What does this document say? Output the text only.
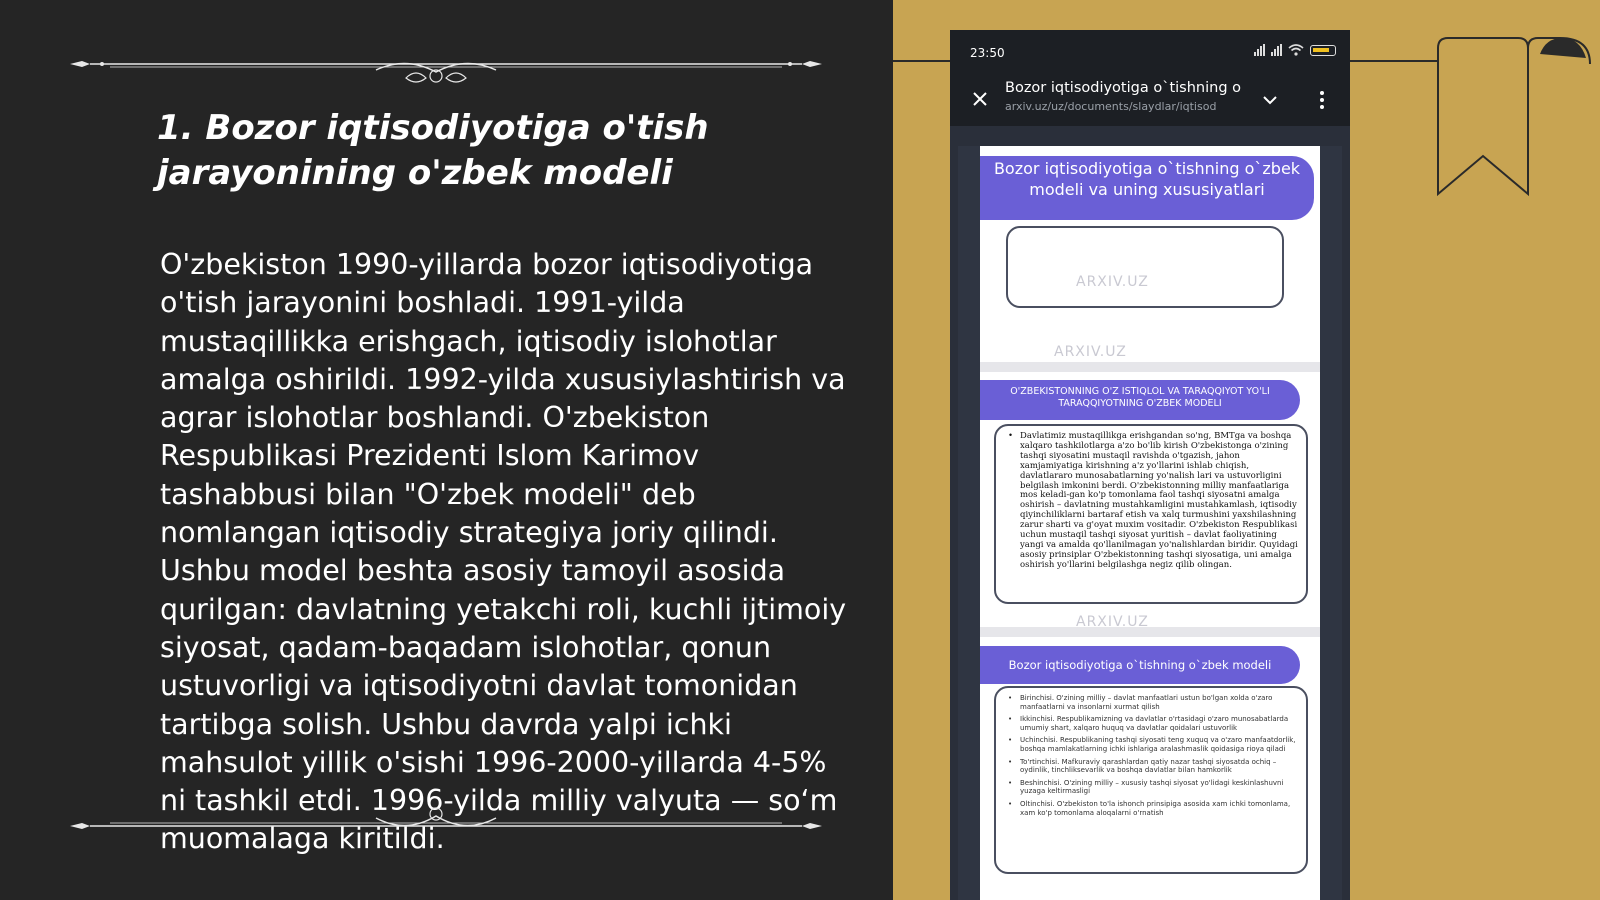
1. Bozor iqtisodiyotiga o'tish
jarayonining o'zbek modeli
O'zbekiston 1990-yillarda bozor iqtisodiyotiga o'tish jarayonini boshladi. 1991-yilda mustaqillikka erishgach, iqtisodiy islohotlar amalga oshirildi. 1992-yilda xususiylashtirish va agrar islohotlar boshlandi. O'zbekiston Respublikasi Prezidenti Islom Karimov tashabbusi bilan "O'zbek modeli" deb nomlangan iqtisodiy strategiya joriy qilindi. Ushbu model beshta asosiy tamoyil asosida qurilgan: davlatning yetakchi roli, kuchli ijtimoiy siyosat, qadam-baqadam islohotlar, qonun ustuvorligi va iqtisodiyotni davlat tomonidan tartibga solish. Ushbu davrda yalpi ichki mahsulot yillik o'sishi 1996-2000-yillarda 4-5% ni tashkil etdi. 1996-yilda milliy valyuta — so‘m muomalaga kiritildi.
23:50
Bozor iqtisodiyotiga o`tishning o
arxiv.uz/uz/documents/slaydlar/iqtisod
Bozor iqtisodiyotiga o`tishning o`zbek modeli va uning xususiyatlari
ARXIV.UZ
ARXIV.UZ
O'ZBEKISTONNING O'Z ISTIQLOL VA TARAQQIYOT YO'LI TARAQQIYOTNING O'ZBEK MODELI
• Davlatimiz mustaqillikga erishgandan so'ng, BMTga va boshqa xalqaro tashkilotlarga a'zo bo'lib kirish O'zbekistonga o'zining tashqi siyosatini mustaqil ravishda o'tgazish, jahon xamjamiyatiga kirishning a'z yo'llarini ishlab chiqish, davlatlararo munosabatlarning yo'nalish lari va ustuvorligini belgilash imkonini berdi. O'zbekistonning milliy manfaatlariga mos keladi-gan ko'p tomonlama faol tashqi siyosatni amalga oshirish – davlatning mustahkamligini mustahkamlash, iqtisodiy qiyinchiliklarni bartaraf etish va xalq turmushini yaxshilashning zarur sharti va g'oyat muxim vositadir. O'zbekiston Respublikasi uchun mustaqil tashqi siyosat yuritish – davlat faoliyatining yangi va amalda qo'llanilmagan yo'nalishlardan biridir. Quyidagi asosiy prinsiplar O'zbekistonning tashqi siyosatiga, uni amalga oshirish yo'llarini belgilashga negiz qilib olingan.
ARXIV.UZ
Bozor iqtisodiyotiga o`tishning o`zbek modeli
• Birinchisi. O'zining milliy – davlat manfaatlari ustun bo'lgan xolda o'zaro manfaatlarni va insonlarni xurmat qilish
• Ikkinchisi. Respublikamizning va davlatlar o'rtasidagi o'zaro munosabatlarda umumiy shart, xalqaro huquq va davlatlar qoidalari ustuvorlik
• Uchinchisi. Respublikaning tashqi siyosati teng xuquq va o'zaro manfaatdorlik, boshqa mamlakatlarning ichki ishlariga aralashmaslik qoidasiga rioya qiladi
• To'rtinchisi. Mafkuraviy qarashlardan qatiy nazar tashqi siyosatda ochiq – oydinlik, tinchliksevarlik va boshqa davlatlar bilan hamkorlik
• Beshinchisi. O'zining milliy – xususiy tashqi siyosat yo'lidagi keskinlashuvni yuzaga keltirmasligi
• Oltinchisi. O'zbekiston to'la ishonch prinsipiga asosida xam ichki tomonlama, xam ko'p tomonlama aloqalarni o'rnatish
